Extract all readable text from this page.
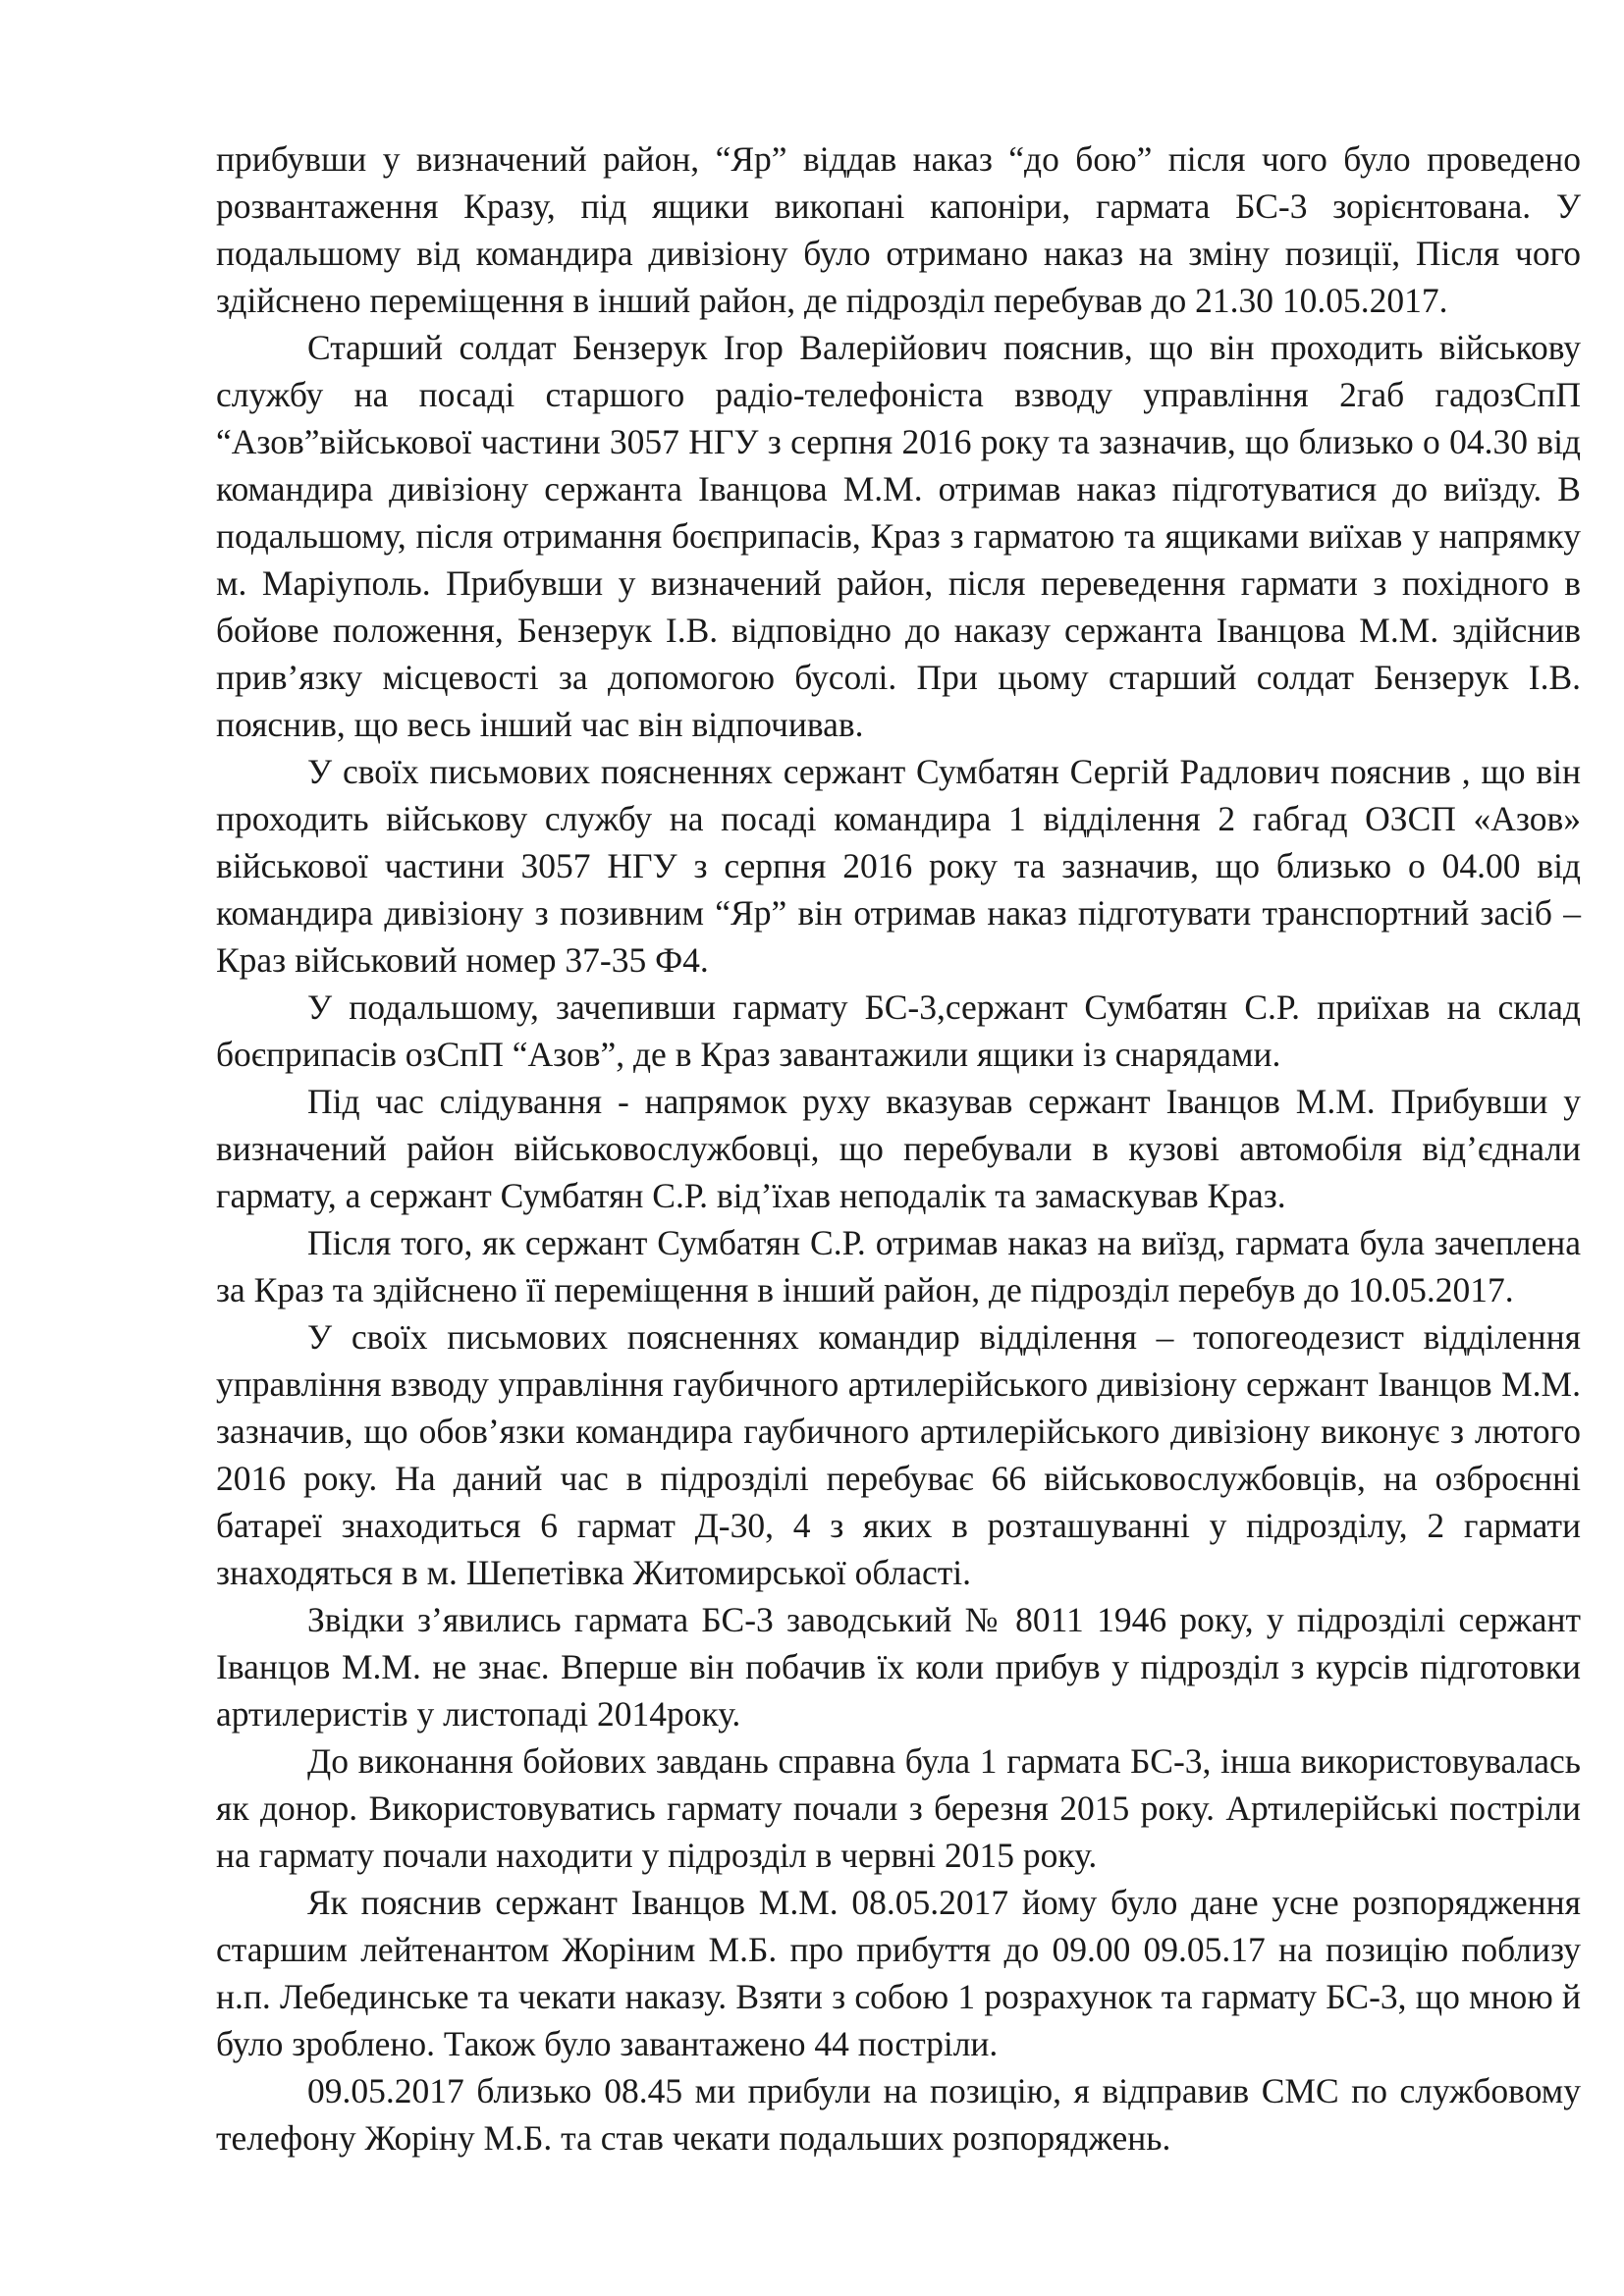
прибувши у визначений район, “Яр” віддав наказ “до бою” після чого було проведено розвантаження Кразу, під ящики викопані капоніри, гармата БС-3 зорієнтована. У подальшому від командира дивізіону було отримано наказ на зміну позиції, Після чого здійснено переміщення в інший район, де підрозділ перебував до 21.30 10.05.2017.

Старший солдат Бензерук Ігор Валерійович пояснив, що він проходить військову службу на посаді старшого радіо-телефоніста взводу управління 2габ гадозСпП “Азов”військової частини 3057 НГУ з серпня 2016 року та зазначив, що близько о 04.30 від командира дивізіону сержанта Іванцова М.М. отримав наказ підготуватися до виїзду. В подальшому, після отримання боєприпасів, Краз з гарматою та ящиками виїхав у напрямку м. Маріуполь. Прибувши у визначений район, після переведення гармати з похідного в бойове положення, Бензерук І.В. відповідно до наказу сержанта Іванцова М.М. здійснив прив’язку місцевості за допомогою бусолі. При цьому старший солдат Бензерук І.В. пояснив, що весь інший час він відпочивав.

У своїх письмових поясненнях сержант Сумбатян Сергій Радлович пояснив , що він проходить військову службу на посаді командира 1 відділення 2 габгад ОЗСП «Азов» військової частини 3057 НГУ з серпня 2016 року та зазначив, що близько о 04.00 від командира дивізіону з позивним “Яр” він отримав наказ підготувати транспортний засіб –Краз військовий номер 37-35 Ф4.

У подальшому, зачепивши гармату БС-3,сержант Сумбатян С.Р. приїхав на склад боєприпасів озСпП “Азов”, де в Краз завантажили ящики із снарядами.

Під час слідування - напрямок руху вказував сержант Іванцов М.М. Прибувши у визначений район військовослужбовці, що перебували в кузові автомобіля від’єднали гармату, а сержант Сумбатян С.Р. від’їхав неподалік та замаскував Краз.

Після того, як сержант Сумбатян С.Р. отримав наказ на виїзд, гармата була зачеплена за Краз та здійснено її переміщення в інший район, де підрозділ перебув до 10.05.2017.

У своїх письмових поясненнях командир відділення – топогеодезист відділення управління взводу управління гаубичного артилерійського дивізіону сержант Іванцов М.М. зазначив, що обов’язки командира гаубичного артилерійського дивізіону виконує з лютого 2016 року. На даний час в підрозділі перебуває 66 військовослужбовців, на озброєнні батареї знаходиться 6 гармат Д-30, 4 з яких в розташуванні у підрозділу, 2 гармати знаходяться в м. Шепетівка Житомирської області.

Звідки з’явились гармата БС-3 заводський № 8011 1946 року, у підрозділі сержант Іванцов М.М. не знає. Вперше він побачив їх коли прибув у підрозділ з курсів підготовки артилеристів у листопаді 2014року.

До виконання бойових завдань справна була 1 гармата БС-3, інша використовувалась як донор. Використовуватись гармату почали з березня 2015 року. Артилерійські постріли на гармату почали находити у підрозділ в червні 2015 року.

Як пояснив сержант Іванцов М.М. 08.05.2017 йому було дане усне розпорядження старшим лейтенантом Жоріним М.Б. про прибуття до 09.00 09.05.17 на позицію поблизу н.п. Лебединське та чекати наказу. Взяти з собою 1 розрахунок та гармату БС-3, що мною й було зроблено. Також було завантажено 44 постріли.

09.05.2017 близько 08.45 ми прибули на позицію, я відправив СМС по службовому телефону Жоріну М.Б. та став чекати подальших розпоряджень.
